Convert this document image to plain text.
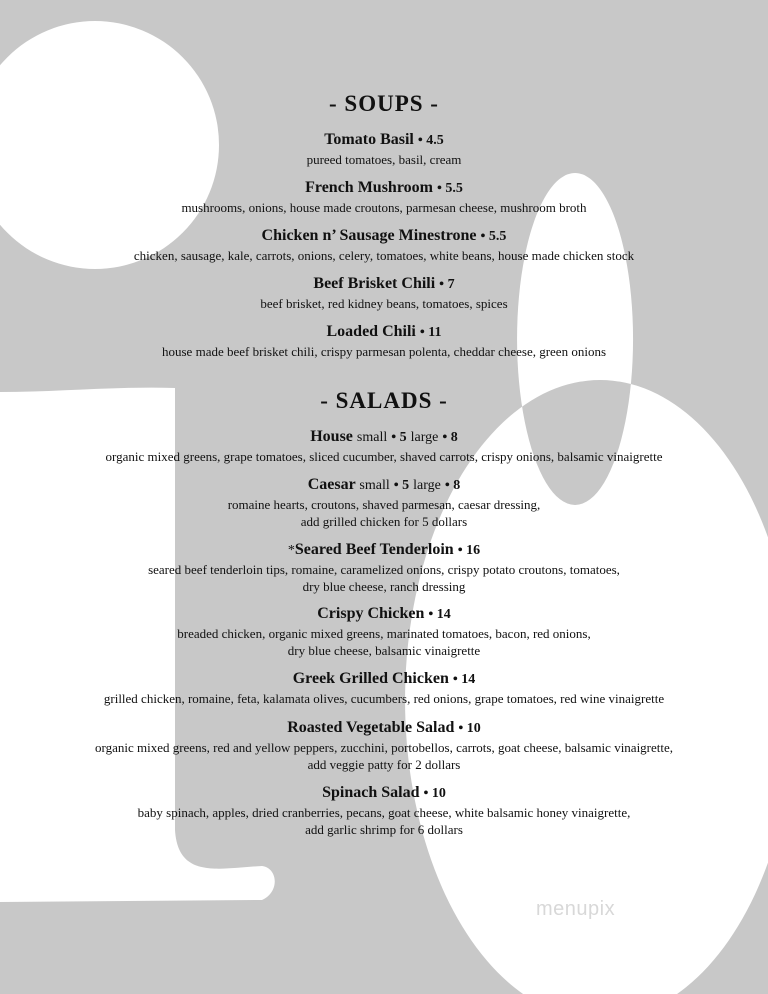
CAFE
menupix
- SOUPS -
Tomato Basil • 4.5
pureed tomatoes, basil, cream
French Mushroom • 5.5
mushrooms, onions, house made croutons, parmesan cheese, mushroom broth
Chicken n’ Sausage Minestrone • 5.5
chicken, sausage, kale, carrots, onions, celery, tomatoes, white beans, house made chicken stock
Beef Brisket Chili • 7
beef brisket, red kidney beans, tomatoes, spices
Loaded Chili • 11
house made beef brisket chili, crispy parmesan polenta, cheddar cheese, green onions
- SALADS -
House small • 5 large • 8
organic mixed greens, grape tomatoes, sliced cucumber, shaved carrots, crispy onions, balsamic vinaigrette
Caesar small • 5 large • 8
romaine hearts, croutons, shaved parmesan, caesar dressing,
add grilled chicken for 5 dollars
*Seared Beef Tenderloin • 16
seared beef tenderloin tips, romaine, caramelized onions, crispy potato croutons, tomatoes,
dry blue cheese, ranch dressing
Crispy Chicken • 14
breaded chicken, organic mixed greens, marinated tomatoes, bacon, red onions,
dry blue cheese, balsamic vinaigrette
Greek Grilled Chicken • 14
grilled chicken, romaine, feta, kalamata olives, cucumbers, red onions, grape tomatoes, red wine vinaigrette
Roasted Vegetable Salad • 10
organic mixed greens, red and yellow peppers, zucchini, portobellos, carrots, goat cheese, balsamic vinaigrette,
add veggie patty for 2 dollars
Spinach Salad • 10
baby spinach, apples, dried cranberries, pecans, goat cheese, white balsamic honey vinaigrette,
add garlic shrimp for 6 dollars
